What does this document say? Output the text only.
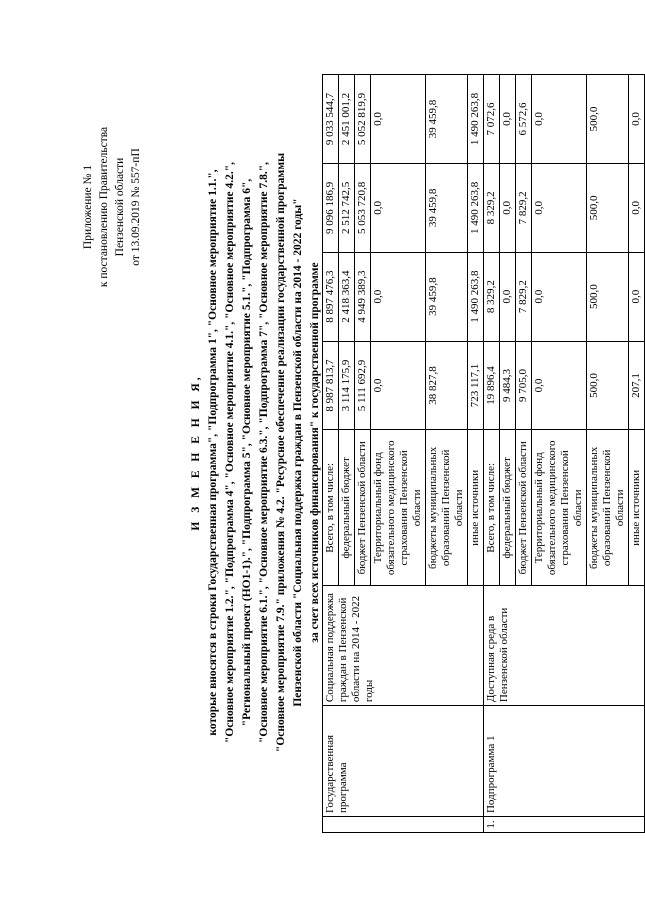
Приложение № 1 к постановлению Правительства Пензенской области от 13.09.2019 № 557-пП
И З М Е Н Е Н И Я, которые вносятся в строки Государственная программа", "Подпрограмма 1", "Основное мероприятие 1.1.", "Основное мероприятие 1.2.", "Подпрограмма 4", "Основное мероприятие 4.1.", "Основное мероприятие 4.2.", "Региональный проект (НО1-1).", "Подпрограмма 5", "Основное мероприятие 5.1.", "Подпрограмма 6", "Основное мероприятие 6.1.", "Основное мероприятие 6.3.", "Подпрограмма 7", "Основное мероприятие 7.8.", "Основное мероприятие 7.9." приложения № 4.2. "Ресурсное обеспечение реализации государственной программы Пензенской области "Социальная поддержка граждан в Пензенской области на 2014 - 2022 годы" за счет всех источников финансирования" к государственной программе
	Государственная программа	Социальная поддержка граждан в Пензенской области на 2014 - 2022 годы	Всего, в том числе:	8 987 813,7	8 897 476,3	9 096 186,9	9 033 544,7
			федеральный бюджет	3 114 175,9	2 418 363,4	2 512 742,5	2 451 001,2
			бюджет Пензенской области	5 111 692,9	4 949 389,3	5 053 720,8	5 052 819,9
			Территориальный фонд обязательного медицинского страхования Пензенской области	0,0	0,0	0,0	0,0
			бюджеты муниципальных образований Пензенской области	38 827,8	39 459,8	39 459,8	39 459,8
			иные источники	723 117,1	1 490 263,8	1 490 263,8	1 490 263,8
1.	Подпрограмма 1	Доступная среда в Пензенской области	Всего, в том числе:	19 896,4	8 329,2	8 329,2	7 072,6
			федеральный бюджет	9 484,3	0,0	0,0	0,0
			бюджет Пензенской области	9 705,0	7 829,2	7 829,2	6 572,6
			Территориальный фонд обязательного медицинского страхования Пензенской области	0,0	0,0	0,0	0,0
			бюджеты муниципальных образований Пензенской области	500,0	500,0	500,0	500,0
			иные источники	207,1	0,0	0,0	0,0
